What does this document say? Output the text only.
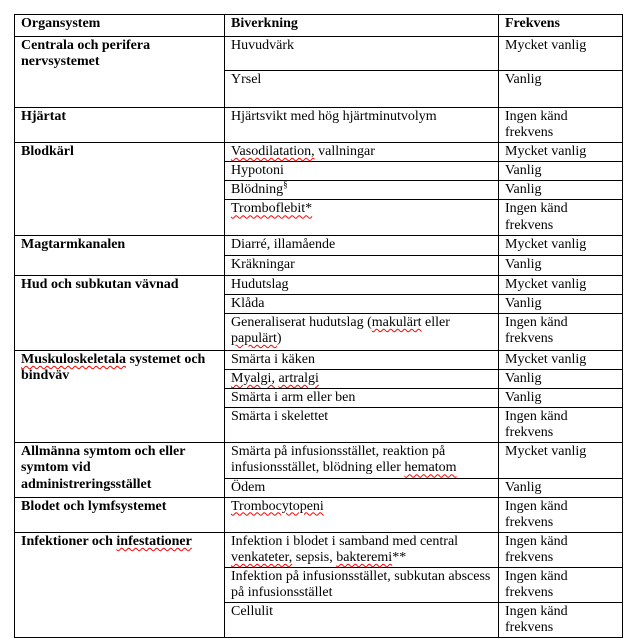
Organsystem	Biverkning	Frekvens
Centrala och perifera nervsystemet	Huvudvärk	Mycket vanlig
	Yrsel	Vanlig
Hjärtat	Hjärtsvikt med hög hjärtminutvolym	Ingen känd frekvens
Blodkärl	Vasodilatation, vallningar	Mycket vanlig
	Hypotoni	Vanlig
	Blödning§	Vanlig
	Tromboflebit*	Ingen känd frekvens
Magtarmkanalen	Diarré, illamående	Mycket vanlig
	Kräkningar	Vanlig
Hud och subkutan vävnad	Hudutslag	Mycket vanlig
	Klåda	Vanlig
	Generaliserat hudutslag (makulärt eller papulärt)	Ingen känd frekvens
Muskuloskeletala systemet och bindväv	Smärta i käken	Mycket vanlig
	Myalgi, artralgi	Vanlig
	Smärta i arm eller ben	Vanlig
	Smärta i skelettet	Ingen känd frekvens
Allmänna symtom och eller symtom vid administreringsstället	Smärta på infusionsstället, reaktion på infusionsstället, blödning eller hematom	Mycket vanlig
	Ödem	Vanlig
Blodet och lymfsystemet	Trombocytopeni	Ingen känd frekvens
Infektioner och infestationer	Infektion i blodet i samband med central venkateter, sepsis, bakteremi**	Ingen känd frekvens
	Infektion på infusionsstället, subkutan abscess på infusionsstället	Ingen känd frekvens
	Cellulit	Ingen känd frekvens
